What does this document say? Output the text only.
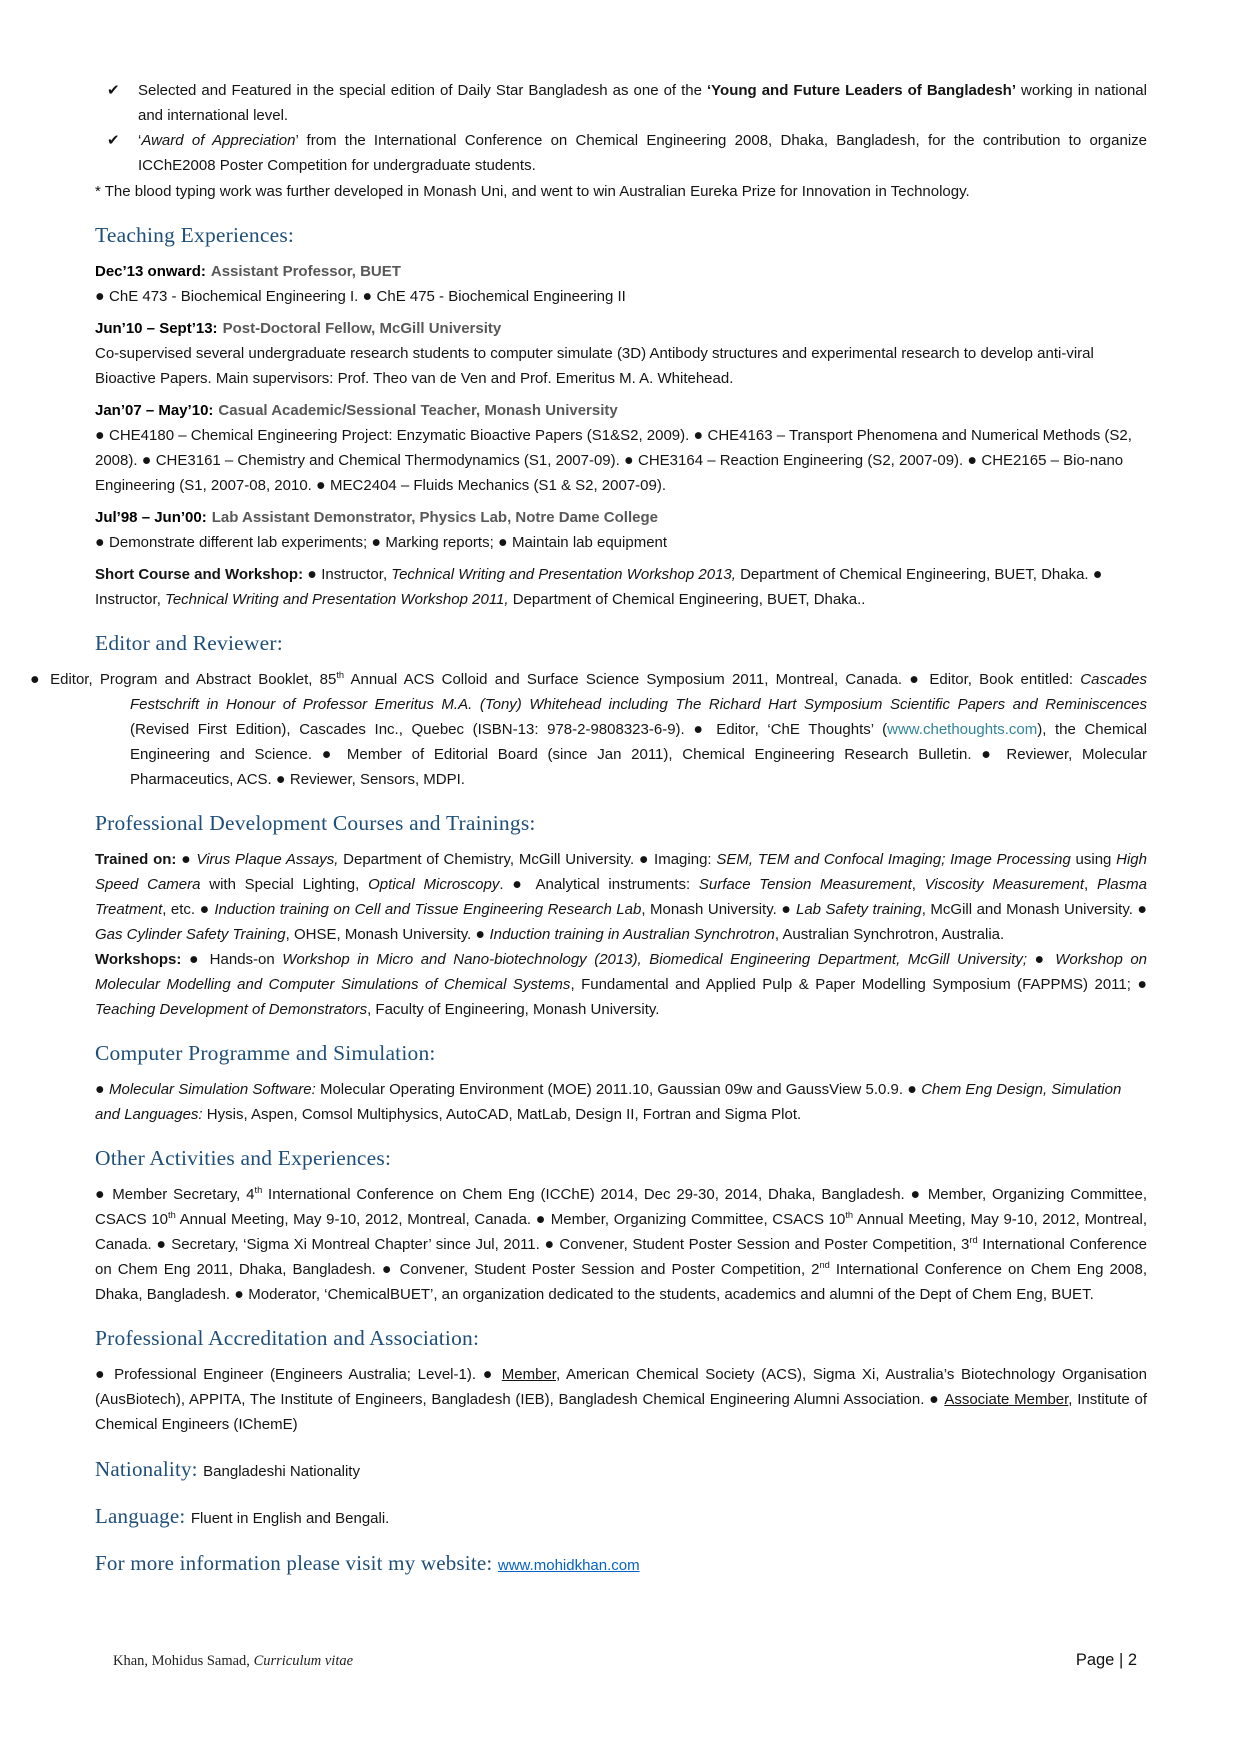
✔ Selected and Featured in the special edition of Daily Star Bangladesh as one of the ‘Young and Future Leaders of Bangladesh’ working in national and international level.

✔ ‘Award of Appreciation’ from the International Conference on Chemical Engineering 2008, Dhaka, Bangladesh, for the contribution to organize ICChE2008 Poster Competition for undergraduate students.

* The blood typing work was further developed in Monash Uni, and went to win Australian Eureka Prize for Innovation in Technology.

Teaching Experiences:

Dec’13 onward: Assistant Professor, BUET

● ChE 473 - Biochemical Engineering I. ● ChE 475 - Biochemical Engineering II

Jun’10 – Sept’13: Post-Doctoral Fellow, McGill University

Co-supervised several undergraduate research students to computer simulate (3D) Antibody structures and experimental research to develop anti-viral Bioactive Papers. Main supervisors: Prof. Theo van de Ven and Prof. Emeritus M. A. Whitehead.

Jan’07 – May’10: Casual Academic/Sessional Teacher, Monash University

● CHE4180 – Chemical Engineering Project: Enzymatic Bioactive Papers (S1&S2, 2009). ● CHE4163 – Transport Phenomena and Numerical Methods (S2, 2008). ● CHE3161 – Chemistry and Chemical Thermodynamics (S1, 2007-09). ● CHE3164 – Reaction Engineering (S2, 2007-09). ● CHE2165 – Bio-nano Engineering (S1, 2007-08, 2010. ● MEC2404 – Fluids Mechanics (S1 & S2, 2007-09).

Jul’98 – Jun’00: Lab Assistant Demonstrator, Physics Lab, Notre Dame College

● Demonstrate different lab experiments; ● Marking reports; ● Maintain lab equipment

Short Course and Workshop: ● Instructor, Technical Writing and Presentation Workshop 2013, Department of Chemical Engineering, BUET, Dhaka. ● Instructor, Technical Writing and Presentation Workshop 2011, Department of Chemical Engineering, BUET, Dhaka..

Editor and Reviewer:

● Editor, Program and Abstract Booklet, 85th Annual ACS Colloid and Surface Science Symposium 2011, Montreal, Canada. ● Editor, Book entitled: Cascades Festschrift in Honour of Professor Emeritus M.A. (Tony) Whitehead including The Richard Hart Symposium Scientific Papers and Reminiscences (Revised First Edition), Cascades Inc., Quebec (ISBN-13: 978-2-9808323-6-9). ● Editor, ‘ChE Thoughts’ (www.chethoughts.com), the Chemical Engineering and Science. ● Member of Editorial Board (since Jan 2011), Chemical Engineering Research Bulletin. ● Reviewer, Molecular Pharmaceutics, ACS. ● Reviewer, Sensors, MDPI.

Professional Development Courses and Trainings:

Trained on: ● Virus Plaque Assays, Department of Chemistry, McGill University. ● Imaging: SEM, TEM and Confocal Imaging; Image Processing using High Speed Camera with Special Lighting, Optical Microscopy. ● Analytical instruments: Surface Tension Measurement, Viscosity Measurement, Plasma Treatment, etc. ● Induction training on Cell and Tissue Engineering Research Lab, Monash University. ● Lab Safety training, McGill and Monash University. ● Gas Cylinder Safety Training, OHSE, Monash University. ● Induction training in Australian Synchrotron, Australian Synchrotron, Australia.

Workshops: ● Hands-on Workshop in Micro and Nano-biotechnology (2013), Biomedical Engineering Department, McGill University; ● Workshop on Molecular Modelling and Computer Simulations of Chemical Systems, Fundamental and Applied Pulp & Paper Modelling Symposium (FAPPMS) 2011; ● Teaching Development of Demonstrators, Faculty of Engineering, Monash University.

Computer Programme and Simulation:

● Molecular Simulation Software: Molecular Operating Environment (MOE) 2011.10, Gaussian 09w and GaussView 5.0.9. ● Chem Eng Design, Simulation and Languages: Hysis, Aspen, Comsol Multiphysics, AutoCAD, MatLab, Design II, Fortran and Sigma Plot.

Other Activities and Experiences:

● Member Secretary, 4th International Conference on Chem Eng (ICChE) 2014, Dec 29-30, 2014, Dhaka, Bangladesh. ● Member, Organizing Committee, CSACS 10th Annual Meeting, May 9-10, 2012, Montreal, Canada. ● Member, Organizing Committee, CSACS 10th Annual Meeting, May 9-10, 2012, Montreal, Canada. ● Secretary, ‘Sigma Xi Montreal Chapter’ since Jul, 2011. ● Convener, Student Poster Session and Poster Competition, 3rd International Conference on Chem Eng 2011, Dhaka, Bangladesh. ● Convener, Student Poster Session and Poster Competition, 2nd International Conference on Chem Eng 2008, Dhaka, Bangladesh. ● Moderator, ‘ChemicalBUET’, an organization dedicated to the students, academics and alumni of the Dept of Chem Eng, BUET.

Professional Accreditation and Association:

● Professional Engineer (Engineers Australia; Level-1). ● Member, American Chemical Society (ACS), Sigma Xi, Australia’s Biotechnology Organisation (AusBiotech), APPITA, The Institute of Engineers, Bangladesh (IEB), Bangladesh Chemical Engineering Alumni Association. ● Associate Member, Institute of Chemical Engineers (IChemE)

Nationality: Bangladeshi Nationality

Language: Fluent in English and Bengali.

For more information please visit my website: www.mohidkhan.com

Khan, Mohidus Samad, Curriculum vitae	Page | 2
